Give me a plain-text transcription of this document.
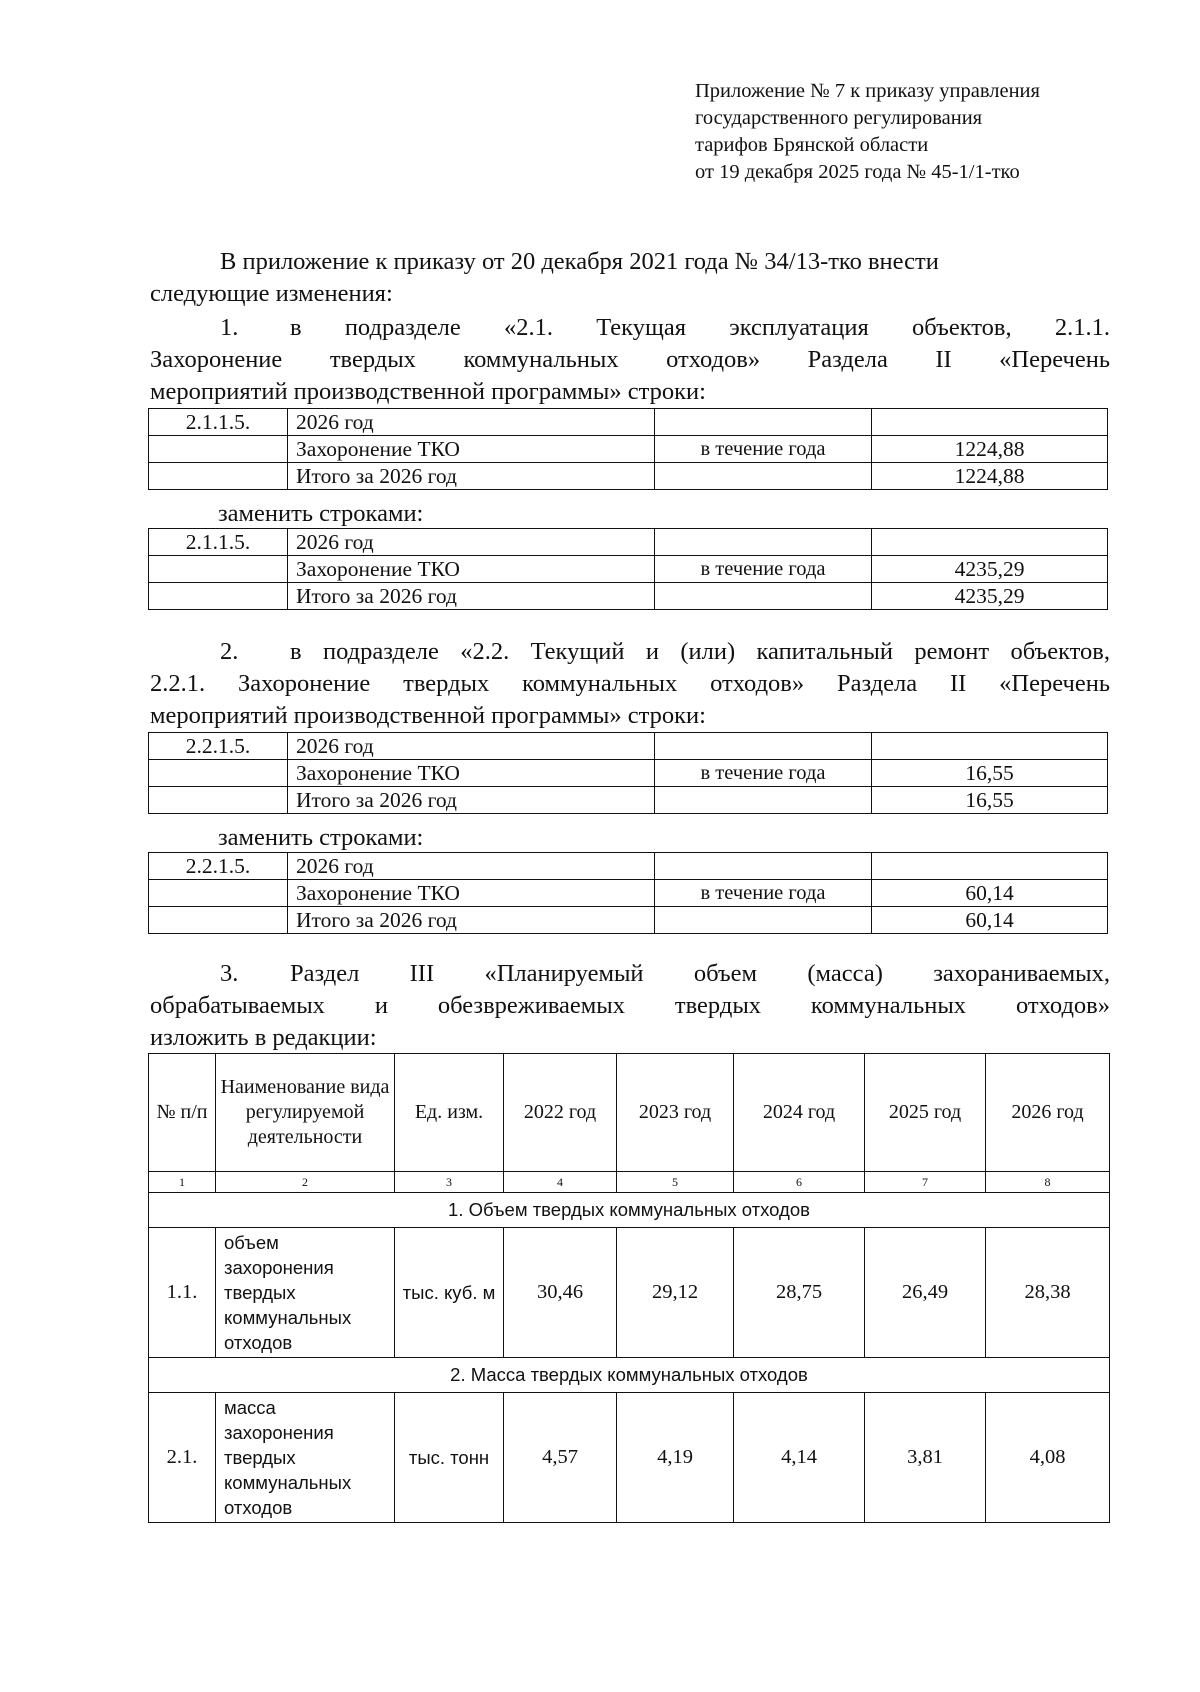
Приложение № 7 к приказу управления
государственного регулирования
тарифов Брянской области
от 19 декабря 2025 года № 45-1/1-тко
В приложение к приказу от 20 декабря 2021 года № 34/13-тко внести
следующие изменения:
1. в подразделе «2.1. Текущая эксплуатация объектов, 2.1.1.
Захоронение твердых коммунальных отходов» Раздела II «Перечень
мероприятий производственной программы» строки:
2.1.1.5.	2026 год		
	Захоронение ТКО	в течение года	1224,88
	Итого за 2026 год		1224,88
заменить строками:
2.1.1.5.	2026 год		
	Захоронение ТКО	в течение года	4235,29
	Итого за 2026 год		4235,29
2. в подразделе «2.2. Текущий и (или) капитальный ремонт объектов,
2.2.1. Захоронение твердых коммунальных отходов» Раздела II «Перечень
мероприятий производственной программы» строки:
2.2.1.5.	2026 год		
	Захоронение ТКО	в течение года	16,55
	Итого за 2026 год		16,55
заменить строками:
2.2.1.5.	2026 год		
	Захоронение ТКО	в течение года	60,14
	Итого за 2026 год		60,14
3. Раздел III «Планируемый объем (масса) захораниваемых,
обрабатываемых и обезвреживаемых твердых коммунальных отходов»
изложить в редакции:
№ п/п	Наименование вида регулируемой деятельности	Ед. изм.	2022 год	2023 год	2024 год	2025 год	2026 год
1	2	3	4	5	6	7	8
1. Объем твердых коммунальных отходов							
1.1.	объем захоронения твердых коммунальных отходов	тыс. куб. м	30,46	29,12	28,75	26,49	28,38
2. Масса твердых коммунальных отходов							
2.1.	масса захоронения твердых коммунальных отходов	тыс. тонн	4,57	4,19	4,14	3,81	4,08
